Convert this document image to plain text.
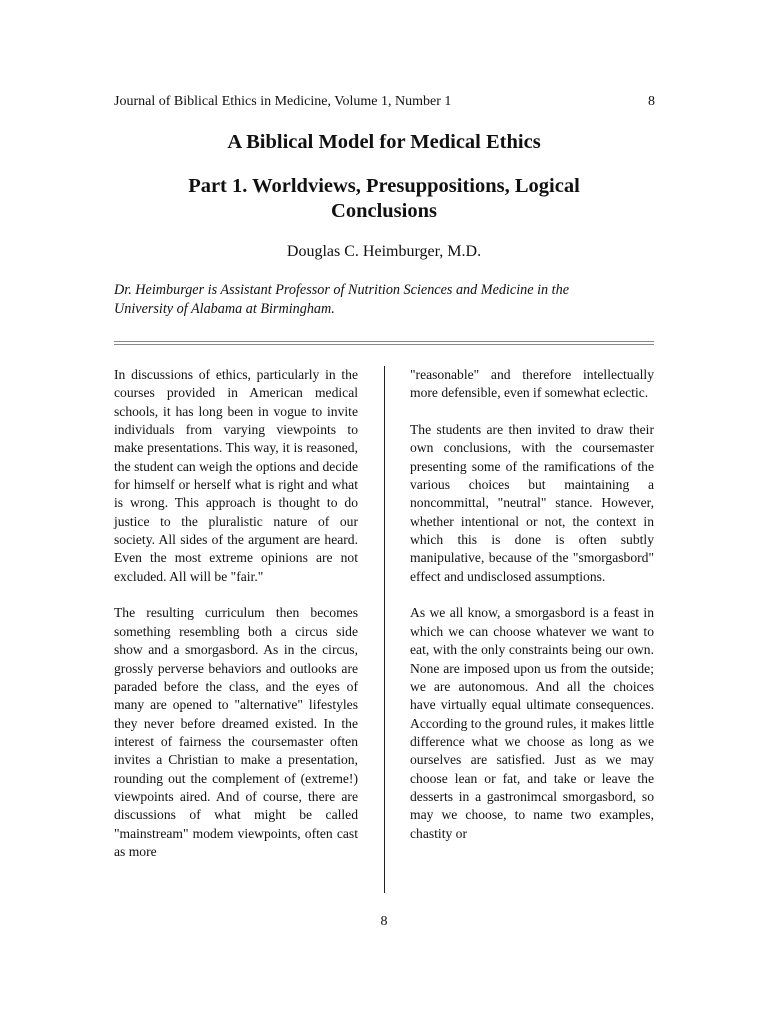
Journal of Biblical Ethics in Medicine, Volume 1, Number 1	8
A Biblical Model for Medical Ethics
Part 1. Worldviews, Presuppositions, Logical Conclusions
Douglas C. Heimburger, M.D.
Dr. Heimburger is Assistant Professor of Nutrition Sciences and Medicine in the University of Alabama at Birmingham.

In discussions of ethics, particularly in the courses provided in American medical schools, it has long been in vogue to invite individuals from varying viewpoints to make presentations. This way, it is reasoned, the student can weigh the options and decide for himself or herself what is right and what is wrong. This approach is thought to do justice to the pluralistic nature of our society. All sides of the argument are heard. Even the most extreme opinions are not excluded. All will be "fair."

The resulting curriculum then becomes something resembling both a circus side show and a smorgasbord. As in the circus, grossly perverse behaviors and outlooks are paraded before the class, and the eyes of many are opened to "alternative" lifestyles they never before dreamed existed. In the interest of fairness the coursemaster often invites a Christian to make a presentation, rounding out the complement of (extreme!) viewpoints aired. And of course, there are discussions of what might be called "mainstream" modem viewpoints, often cast as more

"reasonable" and therefore intellectually more defensible, even if somewhat eclectic.

The students are then invited to draw their own conclusions, with the coursemaster presenting some of the ramifications of the various choices but maintaining a noncommittal, "neutral" stance. However, whether intentional or not, the context in which this is done is often subtly manipulative, because of the "smorgasbord" effect and undisclosed assumptions.

As we all know, a smorgasbord is a feast in which we can choose whatever we want to eat, with the only constraints being our own. None are imposed upon us from the outside; we are autonomous. And all the choices have virtually equal ultimate consequences. According to the ground rules, it makes little difference what we choose as long as we ourselves are satisfied. Just as we may choose lean or fat, and take or leave the desserts in a gastronimcal smorgasbord, so may we choose, to name two examples, chastity or

8
